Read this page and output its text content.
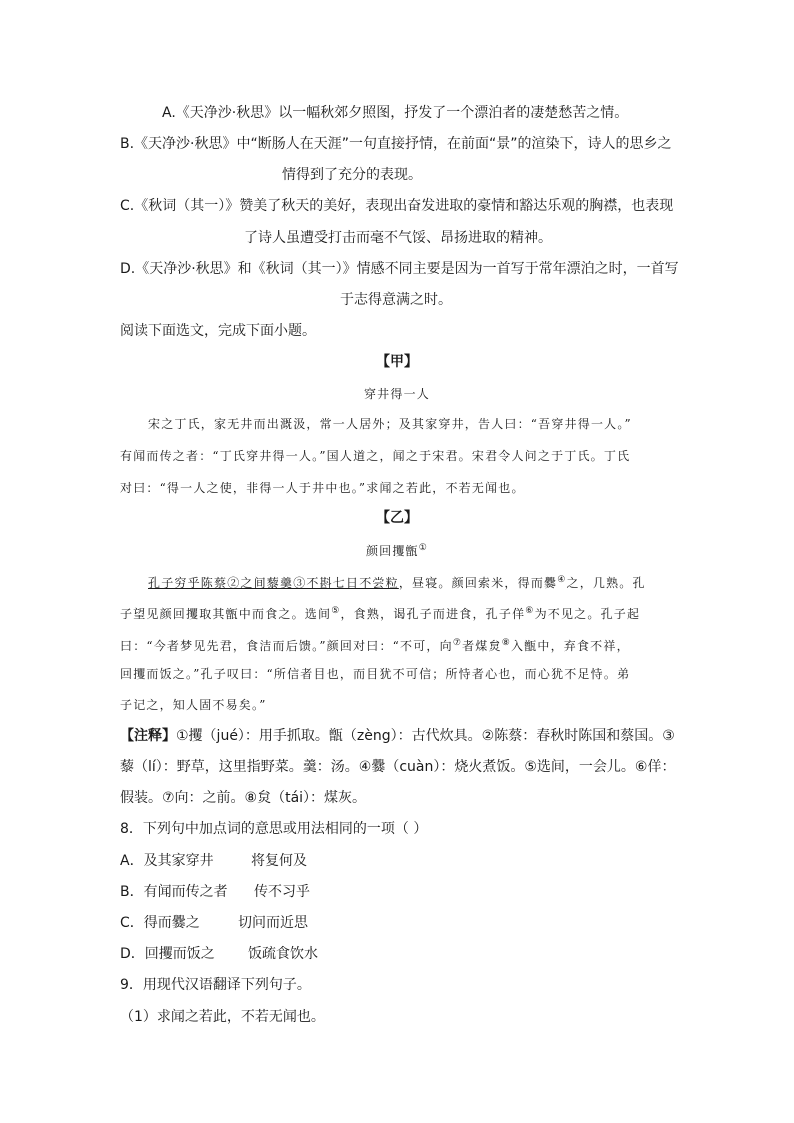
A.《天净沙·秋思》以一幅秋郊夕照图，抒发了一个漂泊者的凄楚愁苦之情。
B.《天净沙·秋思》中“断肠人在天涯”一句直接抒情，在前面“景”的渲染下，诗人的思乡之
情得到了充分的表现。
C.《秋词（其一）》赞美了秋天的美好，表现出奋发进取的豪情和豁达乐观的胸襟，也表现
了诗人虽遭受打击而毫不气馁、昂扬进取的精神。
D.《天净沙·秋思》和《秋词（其一）》情感不同主要是因为一首写于常年漂泊之时，一首写
于志得意满之时。
阅读下面选文，完成下面小题。
【甲】
穿井得一人
宋之丁氏，家无井而出溉汲，常一人居外；及其家穿井，告人曰：“吾穿井得一人。”
有闻而传之者：“丁氏穿井得一人。”国人道之，闻之于宋君。宋君令人问之于丁氏。丁氏
对曰：“得一人之使，非得一人于井中也。”求闻之若此，不若无闻也。
【乙】
颜回攫甑①
孔子穷乎陈蔡②之间藜羹③不斟七日不尝粒，昼寝。颜回索米，得而爨④之，几熟。孔
子望见颜回攫取其甑中而食之。选间⑤，食熟，谒孔子而进食，孔子佯⑥为不见之。孔子起
曰：“今者梦见先君，食洁而后馈。”颜回对曰：“不可，向⑦者煤炱⑧入甑中，弃食不祥，
回攫而饭之。”孔子叹曰：“所信者目也，而目犹不可信；所恃者心也，而心犹不足恃。弟
子记之，知人固不易矣。”
【注释】①攫（jué）：用手抓取。甑（zèng）：古代炊具。②陈蔡：春秋时陈国和蔡国。③
藜（lí）：野草，这里指野菜。羹：汤。④爨（cuàn）：烧火煮饭。⑤选间，一会儿。⑥佯：
假装。⑦向：之前。⑧炱（tái）：煤灰。
8．下列句中加点词的意思或用法相同的一项（ ）
A．及其家穿井	将复何及
B．有闻而传之者 传不习乎
C．得而爨之	切问而近思
D．回攫而饭之 饭疏食饮水
9．用现代汉语翻译下列句子。
（1）求闻之若此，不若无闻也。
